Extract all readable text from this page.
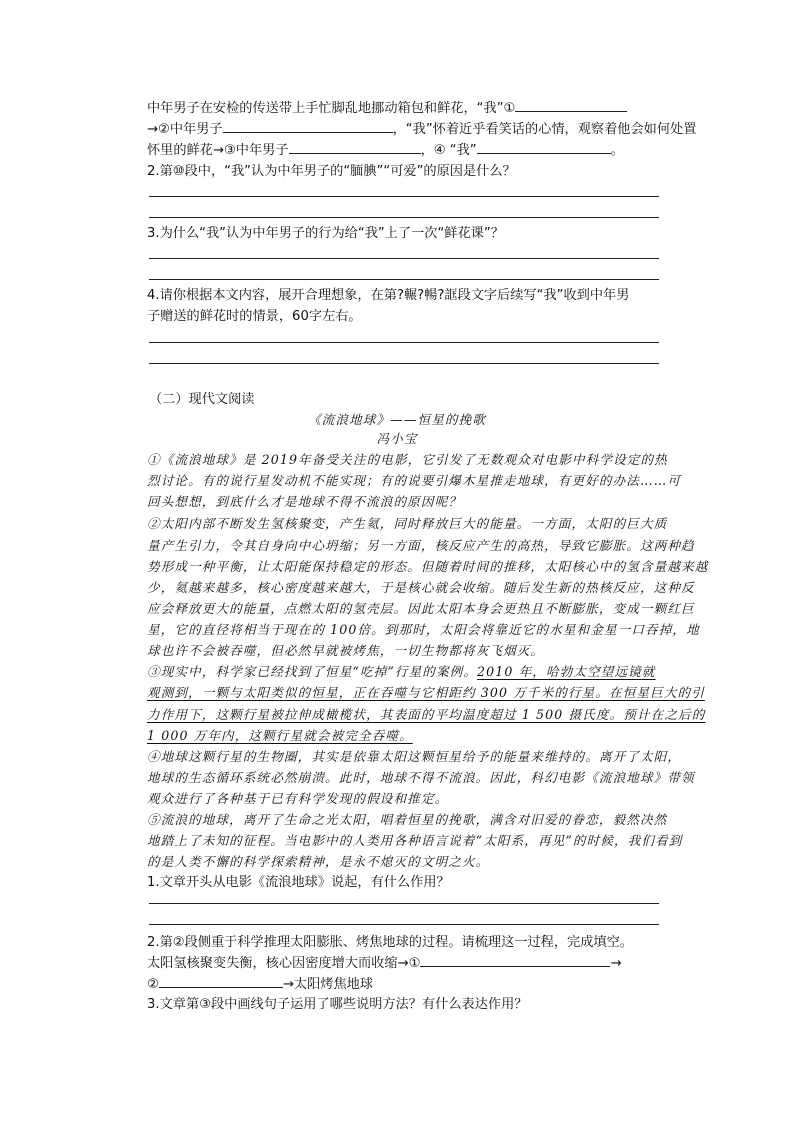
中年男子在安检的传送带上手忙脚乱地挪动箱包和鲜花，“我”①
→②中年男子	，“我”怀着近乎看笑话的心情，观察着他会如何处置
怀里的鲜花→③中年男子	，④ “我”	。
2.第⑩段中，“我”认为中年男子的“腼腆”“可爱”的原因是什么？
3.为什么“我”认为中年男子的行为给“我”上了一次“鲜花课”？
4.请你根据本文内容，展开合理想象，在第?輾?暢?誆段文字后续写“我”收到中年男
子赠送的鲜花时的情景，60字左右。
（二）现代文阅读
《流浪地球》——恒星的挽歌
冯小宝
①《流浪地球》是 2019年备受关注的电影，它引发了无数观众对电影中科学设定的热
烈讨论。有的说行星发动机不能实现；有的说要引爆木星推走地球，有更好的办法……可
回头想想，到底什么才是地球不得不流浪的原因呢？
②太阳内部不断发生氢核聚变，产生氦，同时释放巨大的能量。一方面，太阳的巨大质
量产生引力，令其自身向中心坍缩；另一方面，核反应产生的高热，导致它膨胀。这两种趋
势形成一种平衡，让太阳能保持稳定的形态。但随着时间的推移，太阳核心中的氢含量越来越
少，氦越来越多，核心密度越来越大，于是核心就会收缩。随后发生新的热核反应，这种反
应会释放更大的能量，点燃太阳的氢壳层。因此太阳本身会更热且不断膨胀，变成一颗红巨
星，它的直径将相当于现在的 100倍。到那时，太阳会将靠近它的水星和金星一口吞掉，地
球也许不会被吞噬，但必然早就被烤焦，一切生物都将灰飞烟灭。
③现实中，科学家已经找到了恒星“吃掉”行星的案例。2010 年，哈勃太空望远镜就
观测到，一颗与太阳类似的恒星，正在吞噬与它相距约 300 万千米的行星。在恒星巨大的引
力作用下，这颗行星被拉伸成橄榄状，其表面的平均温度超过 1 500 摄氏度。预计在之后的
1 000 万年内，这颗行星就会被完全吞噬。
④地球这颗行星的生物圈，其实是依靠太阳这颗恒星给予的能量来维持的。离开了太阳，
地球的生态循环系统必然崩溃。此时，地球不得不流浪。因此，科幻电影《流浪地球》带领
观众进行了各种基于已有科学发现的假设和推定。
⑤流浪的地球，离开了生命之光太阳，唱着恒星的挽歌，满含对旧爱的眷恋，毅然决然
地踏上了未知的征程。当电影中的人类用各种语言说着“太阳系，再见”的时候，我们看到
的是人类不懈的科学探索精神，是永不熄灭的文明之火。
1.文章开头从电影《流浪地球》说起，有什么作用？
2.第②段侧重于科学推理太阳膨胀、烤焦地球的过程。请梳理这一过程，完成填空。
太阳氢核聚变失衡，核心因密度增大而收缩→①	→
②	→太阳烤焦地球
3.文章第③段中画线句子运用了哪些说明方法？有什么表达作用？
